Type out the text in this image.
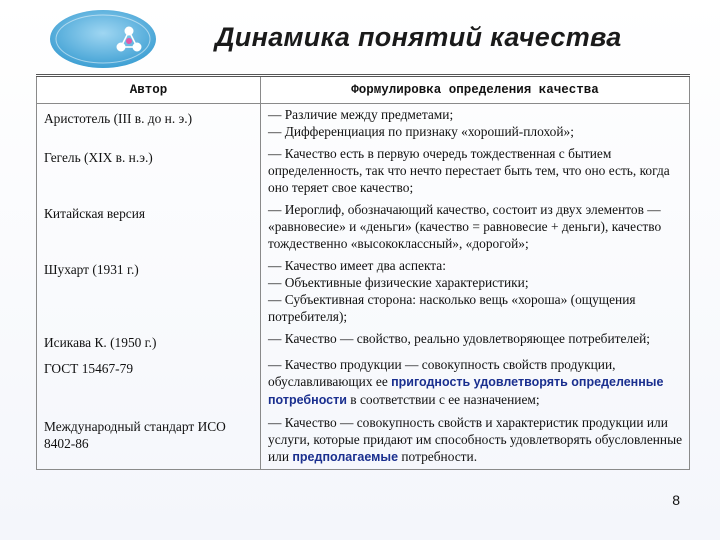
Динамика понятий качества
Автор	Формулировка определения качества
Аристотель (III в. до н. э.)	— Различие между предметами;
— Дифференциация по признаку «хороший-плохой»;

Гегель (XIX в. н.э.)	— Качество есть в первую очередь тождественная с бытием определенность, так что нечто перестает быть тем, что оно есть, когда оно теряет свое качество;

Китайская версия	— Иероглиф, обозначающий качество, состоит из двух элементов — «равновесие» и «деньги» (качество = равновесие + деньги), качество тождественно «высококлассный», «дорогой»;

Шухарт (1931 г.)	— Качество имеет два аспекта:
— Объективные физические характеристики;
— Субъективная сторона: насколько вещь «хороша» (ощущения потребителя);

Исикава К. (1950 г.)	— Качество — свойство, реально удовлетворяющее потребителей;

ГОСТ 15467-79	— Качество продукции — совокупность свойств продукции, обуславливающих ее пригодность удовлетворять определенные потребности в соответствии с ее назначением;

Международный стандарт ИСО 8402-86	— Качество — совокупность свойств и характеристик продукции или услуги, которые придают им способность удовлетворять обусловленные или предполагаемые потребности.
8
